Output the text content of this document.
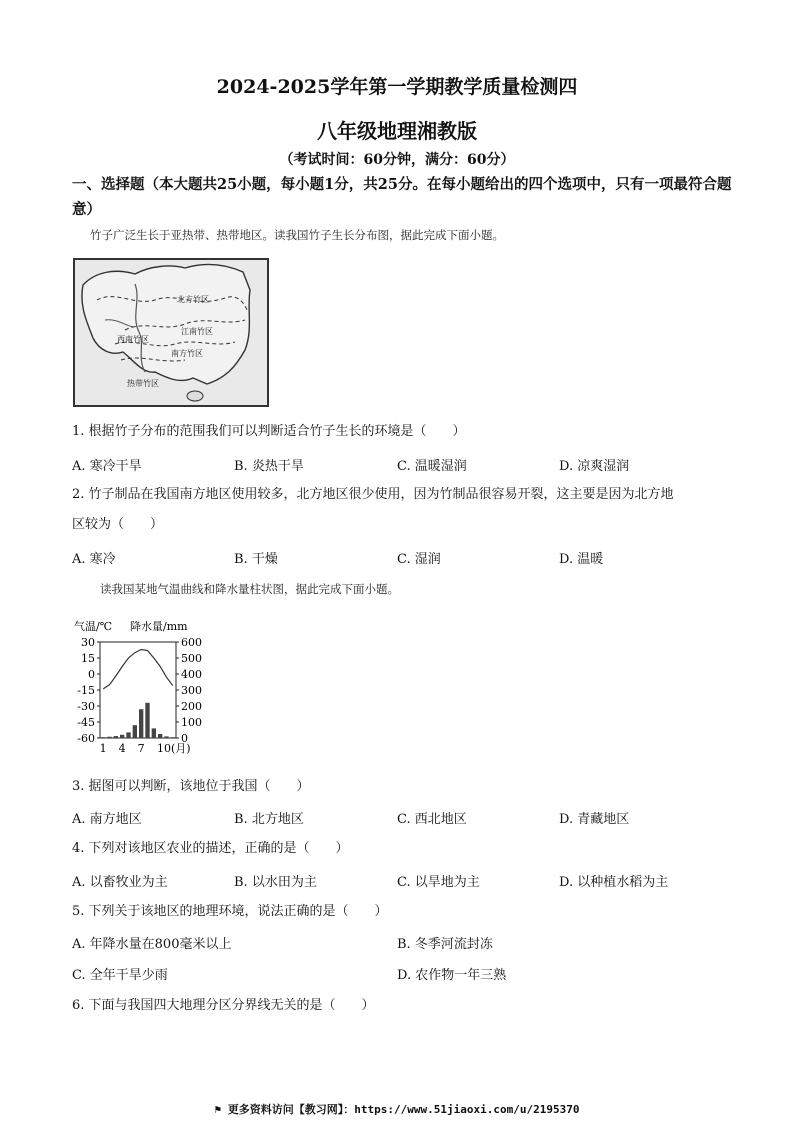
2024-2025学年第一学期教学质量检测四
八年级地理湘教版
（考试时间：60分钟，满分：60分）
一、选择题（本大题共25小题，每小题1分，共25分。在每小题给出的四个选项中，只有一项最符合题意）
竹子广泛生长于亚热带、热带地区。读我国竹子生长分布图，据此完成下面小题。
北方竹区
江南竹区
西南竹区
南方竹区
热带竹区
1. 根据竹子分布的范围我们可以判断适合竹子生长的环境是（　　）
A. 寒冷干旱	B. 炎热干旱	C. 温暖湿润	D. 凉爽湿润
2. 竹子制品在我国南方地区使用较多，北方地区很少使用，因为竹制品很容易开裂，这主要是因为北方地
区较为（　　）
A. 寒冷	B. 干燥	C. 湿润	D. 温暖
读我国某地气温曲线和降水量柱状图，据此完成下面小题。
气温/℃ 降水量/mm
30
15
0
-15
-30
-45
-60
600
500
400
300
200
100
0
1 4 7 10(月)
3. 据图可以判断，该地位于我国（　　）
A. 南方地区	B. 北方地区	C. 西北地区	D. 青藏地区
4. 下列对该地区农业的描述，正确的是（　　）
A. 以畜牧业为主	B. 以水田为主	C. 以旱地为主	D. 以种植水稻为主
5. 下列关于该地区的地理环境，说法正确的是（　　）
A. 年降水量在800毫米以上	B. 冬季河流封冻
C. 全年干旱少雨	D. 农作物一年三熟
6. 下面与我国四大地理分区分界线无关的是（　　）
⚑ 更多资料访问【教习网】：https://www.51jiaoxi.com/u/2195370
